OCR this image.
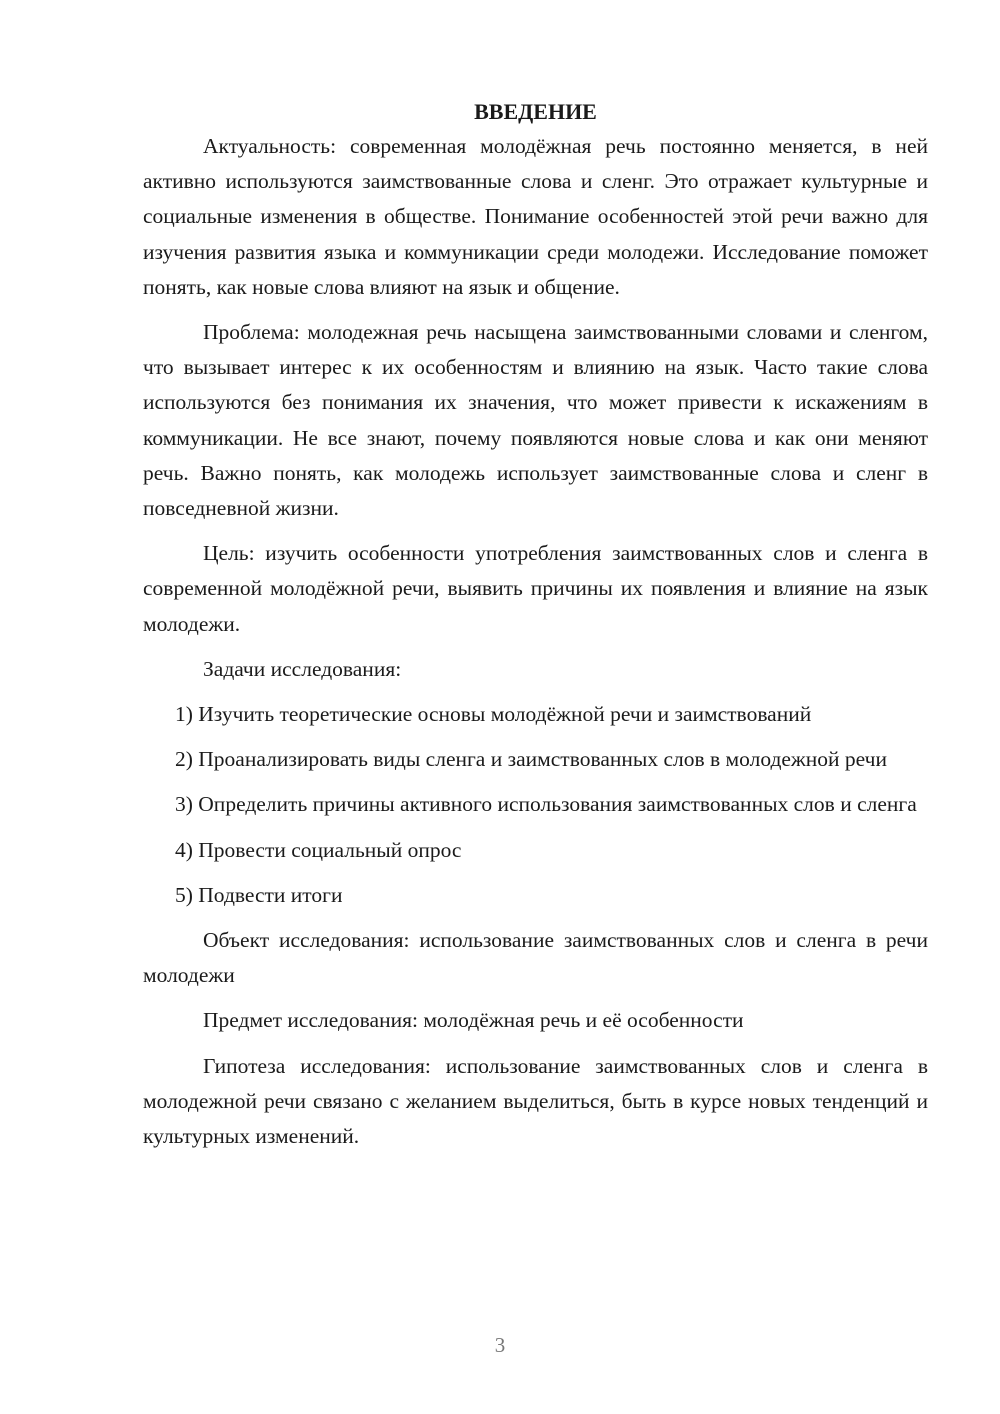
ВВЕДЕНИЕ

Актуальность: современная молодёжная речь постоянно меняется, в ней активно используются заимствованные слова и сленг. Это отражает культурные и социальные изменения в обществе. Понимание особенностей этой речи важно для изучения развития языка и коммуникации среди молодежи. Исследование поможет понять, как новые слова влияют на язык и общение.

Проблема: молодежная речь насыщена заимствованными словами и сленгом, что вызывает интерес к их особенностям и влиянию на язык. Часто такие слова используются без понимания их значения, что может привести к искажениям в коммуникации. Не все знают, почему появляются новые слова и как они меняют речь. Важно понять, как молодежь использует заимствованные слова и сленг в повседневной жизни.

Цель: изучить особенности употребления заимствованных слов и сленга в современной молодёжной речи, выявить причины их появления и влияние на язык молодежи.

Задачи исследования:

1) Изучить теоретические основы молодёжной речи и заимствований

2) Проанализировать виды сленга и заимствованных слов в молодежной речи

3) Определить причины активного использования заимствованных слов и сленга

4) Провести социальный опрос

5) Подвести итоги

Объект исследования: использование заимствованных слов и сленга в речи молодежи

Предмет исследования: молодёжная речь и её особенности

Гипотеза исследования: использование заимствованных слов и сленга в молодежной речи связано с желанием выделиться, быть в курсе новых тенденций и культурных изменений.

3
